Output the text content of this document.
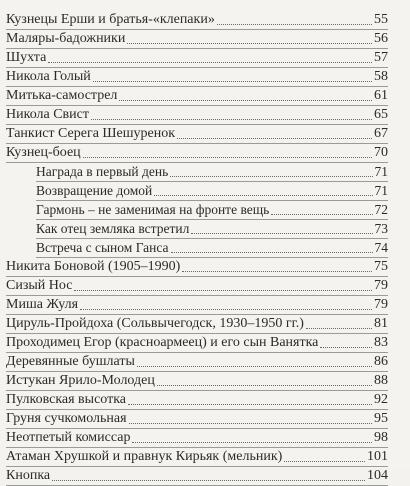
Кузнецы Ерши и братья-«клепаки»	55
Маляры-бадожники	56
Шухта	57
Никола Голый	58
Митька-самострел	61
Никола Свист	65
Танкист Серега Шешуренок	67
Кузнец-боец	70
Награда в первый день	71
Возвращение домой	71
Гармонь – не заменимая на фронте вещь	72
Как отец земляка встретил	73
Встреча с сыном Ганса	74
Никита Боновой (1905–1990)	75
Сизый Нос	79
Миша Жуля	79
Цируль-Пройдоха (Сольвычегодск, 1930–1950 гг.)	81
Проходимец Егор (красноармеец) и его сын Ванятка	83
Деревянные бушлаты	86
Истукан Ярило-Молодец	88
Пулковская высотка	92
Груня сучкомольная	95
Неотпетый комиссар	98
Атаман Хрушкой и правнук Кирьяк (мельник)	101
Кнопка	104
